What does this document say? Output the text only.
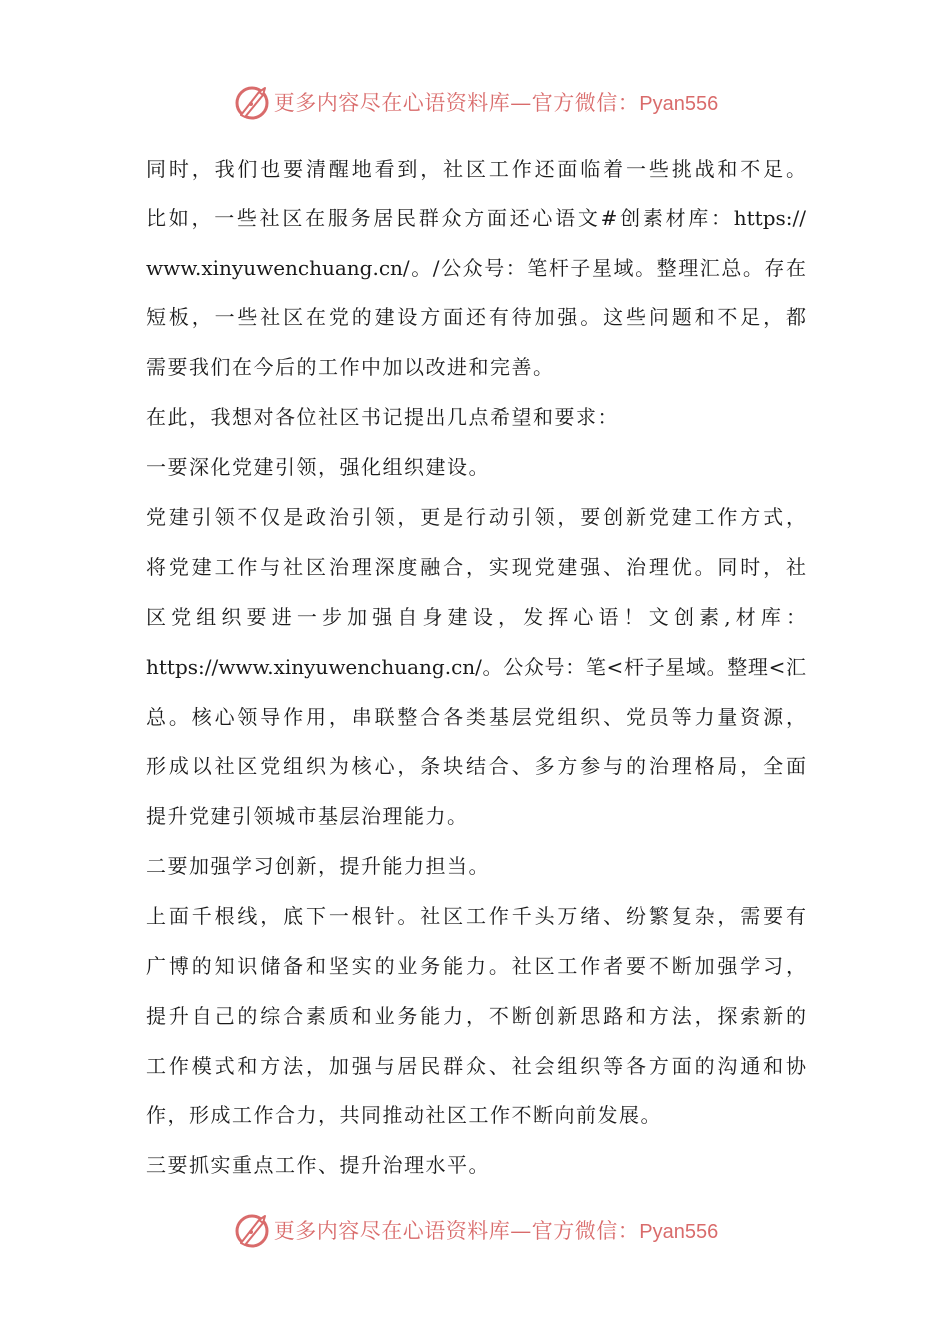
更多内容尽在心语资料库—官方微信：Pyan556
同时，我们也要清醒地看到，社区工作还面临着一些挑战和不足。
比如，一些社区在服务居民群众方面还心语文#创素材库：https://
www.xinyuwenchuang.cn/。/公众号：笔杆子星域。整理汇总。存在
短板，一些社区在党的建设方面还有待加强。这些问题和不足，都
需要我们在今后的工作中加以改进和完善。
在此，我想对各位社区书记提出几点希望和要求：
一要深化党建引领，强化组织建设。
党建引领不仅是政治引领，更是行动引领，要创新党建工作方式，
将党建工作与社区治理深度融合，实现党建强、治理优。同时，社
区党组织要进一步加强自身建设，发挥心语！文创素,材库：
https://www.xinyuwenchuang.cn/。公众号：笔<杆子星域。整理<汇
总。核心领导作用，串联整合各类基层党组织、党员等力量资源，
形成以社区党组织为核心，条块结合、多方参与的治理格局，全面
提升党建引领城市基层治理能力。
二要加强学习创新，提升能力担当。
上面千根线，底下一根针。社区工作千头万绪、纷繁复杂，需要有
广博的知识储备和坚实的业务能力。社区工作者要不断加强学习，
提升自己的综合素质和业务能力，不断创新思路和方法，探索新的
工作模式和方法，加强与居民群众、社会组织等各方面的沟通和协
作，形成工作合力，共同推动社区工作不断向前发展。
三要抓实重点工作、提升治理水平。
更多内容尽在心语资料库—官方微信：Pyan556
